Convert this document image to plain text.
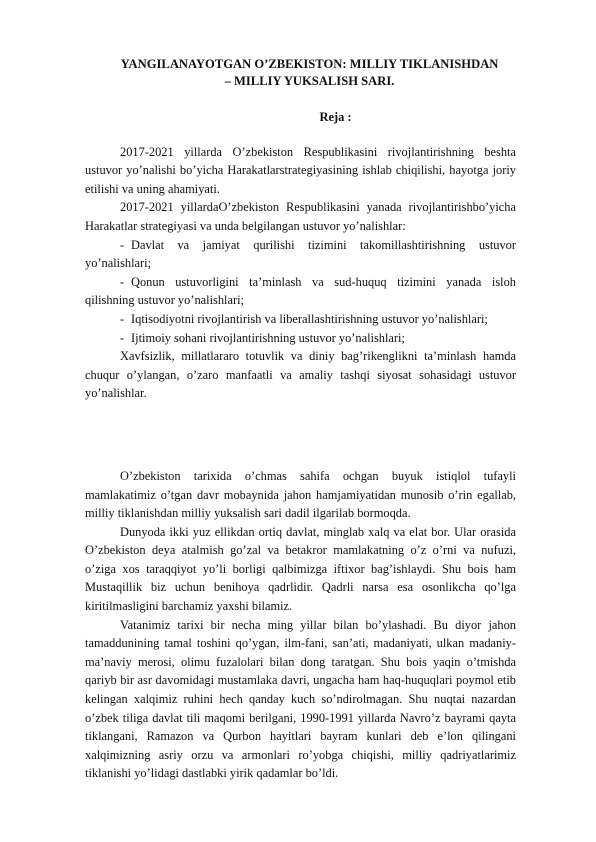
YANGILANAYOTGAN O’ZBEKISTON: MILLIY TIKLANISHDAN
– MILLIY YUKSALISH SARI.
Reja :

2017-2021 yillarda O’zbekiston Respublikasini rivojlantirishning beshta ustuvor yo’nalishi bo’yicha Harakatlarstrategiyasining ishlab chiqilishi, hayotga joriy etilishi va uning ahamiyati.

2017-2021 yillardaO’zbekiston Respublikasini yanada rivojlantirishbo’yicha Harakatlar strategiyasi va unda belgilangan ustuvor yo’nalishlar:

- Davlat va jamiyat qurilishi tizimini takomillashtirishning ustuvor yo’nalishlari;

- Qonun ustuvorligini ta’minlash va sud-huquq tizimini yanada isloh qilishning ustuvor yo’nalishlari;

- Iqtisodiyotni rivojlantirish va liberallashtirishning ustuvor yo’nalishlari;

- Ijtimoiy sohani rivojlantirishning ustuvor yo’nalishlari;

Xavfsizlik, millatlararo totuvlik va diniy bag’rikenglikni ta’minlash hamda chuqur o’ylangan, o’zaro manfaatli va amaliy tashqi siyosat sohasidagi ustuvor yo’nalishlar.

O’zbekiston tarixida o’chmas sahifa ochgan buyuk istiqlol tufayli mamlakatimiz o’tgan davr mobaynida jahon hamjamiyatidan munosib o’rin egallab, milliy tiklanishdan milliy yuksalish sari dadil ilgarilab bormoqda.

Dunyoda ikki yuz ellikdan ortiq davlat, minglab xalq va elat bor. Ular orasida O’zbekiston deya atalmish go’zal va betakror mamlakatning o’z o’rni va nufuzi, o’ziga xos taraqqiyot yo’li borligi qalbimizga iftixor bag’ishlaydi. Shu bois ham Mustaqillik biz uchun benihoya qadrlidir. Qadrli narsa esa osonlikcha qo’lga kiritilmasligini barchamiz yaxshi bilamiz.

Vatanimiz tarixi bir necha ming yillar bilan bo’ylashadi. Bu diyor jahon tamaddunining tamal toshini qo’ygan, ilm-fani, san’ati, madaniyati, ulkan madaniy-ma’naviy merosi, olimu fuzalolari bilan dong taratgan. Shu bois yaqin o’tmishda qariyb bir asr davomidagi mustamlaka davri, ungacha ham haq-huquqlari poymol etib kelingan xalqimiz ruhini hech qanday kuch so’ndirolmagan. Shu nuqtai nazardan o’zbek tiliga davlat tili maqomi berilgani, 1990-1991 yillarda Navro’z bayrami qayta tiklangani, Ramazon va Qurbon hayitlari bayram kunlari deb e’lon qilingani xalqimizning asriy orzu va armonlari ro’yobga chiqishi, milliy qadriyatlarimiz tiklanishi yo’lidagi dastlabki yirik qadamlar bo’ldi.
